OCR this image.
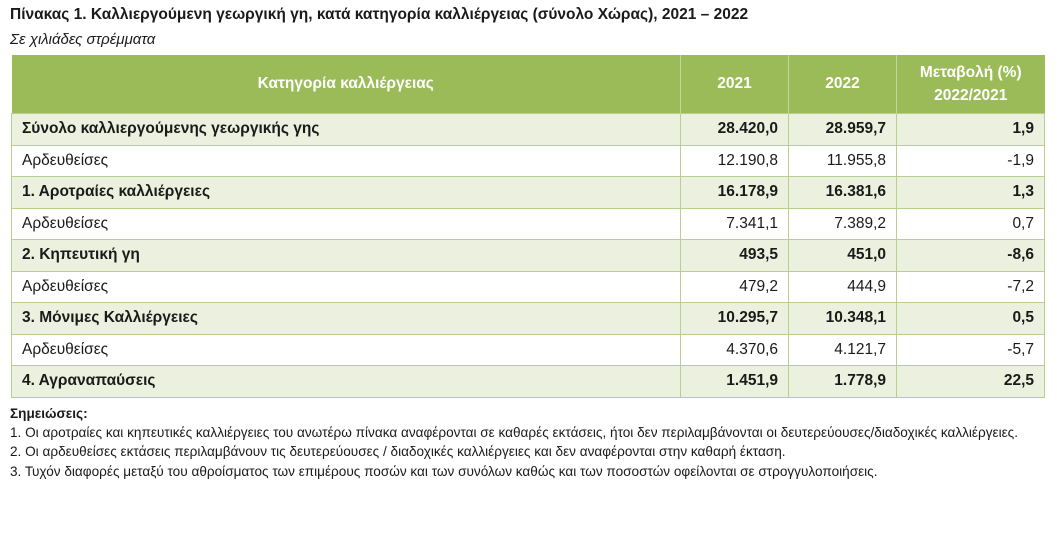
Πίνακας 1. Καλλιεργούμενη γεωργική γη, κατά κατηγορία καλλιέργειας (σύνολο Χώρας), 2021 – 2022
Σε χιλιάδες στρέμματα
Κατηγορία καλλιέργειας	2021	2022	Μεταβολή (%)
2022/2021

Σύνολο καλλιεργούμενης γεωργικής γης	28.420,0	28.959,7	1,9
Αρδευθείσες	12.190,8	11.955,8	-1,9
1. Αροτραίες καλλιέργειες	16.178,9	16.381,6	1,3
Αρδευθείσες	7.341,1	7.389,2	0,7
2. Κηπευτική γη	493,5	451,0	-8,6
Αρδευθείσες	479,2	444,9	-7,2
3. Μόνιμες Καλλιέργειες	10.295,7	10.348,1	0,5
Αρδευθείσες	4.370,6	4.121,7	-5,7
4. Αγραναπαύσεις	1.451,9	1.778,9	22,5
Σημειώσεις:
1. Οι αροτραίες και κηπευτικές καλλιέργειες του ανωτέρω πίνακα αναφέρονται σε καθαρές εκτάσεις, ήτοι δεν περιλαμβάνονται οι δευτερεύουσες/διαδοχικές καλλιέργειες.
2. Οι αρδευθείσες εκτάσεις περιλαμβάνουν τις δευτερεύουσες / διαδοχικές καλλιέργειες και δεν αναφέρονται στην καθαρή έκταση.
3. Τυχόν διαφορές μεταξύ του αθροίσματος των επιμέρους ποσών και των συνόλων καθώς και των ποσοστών οφείλονται σε στρογγυλοποιήσεις.
